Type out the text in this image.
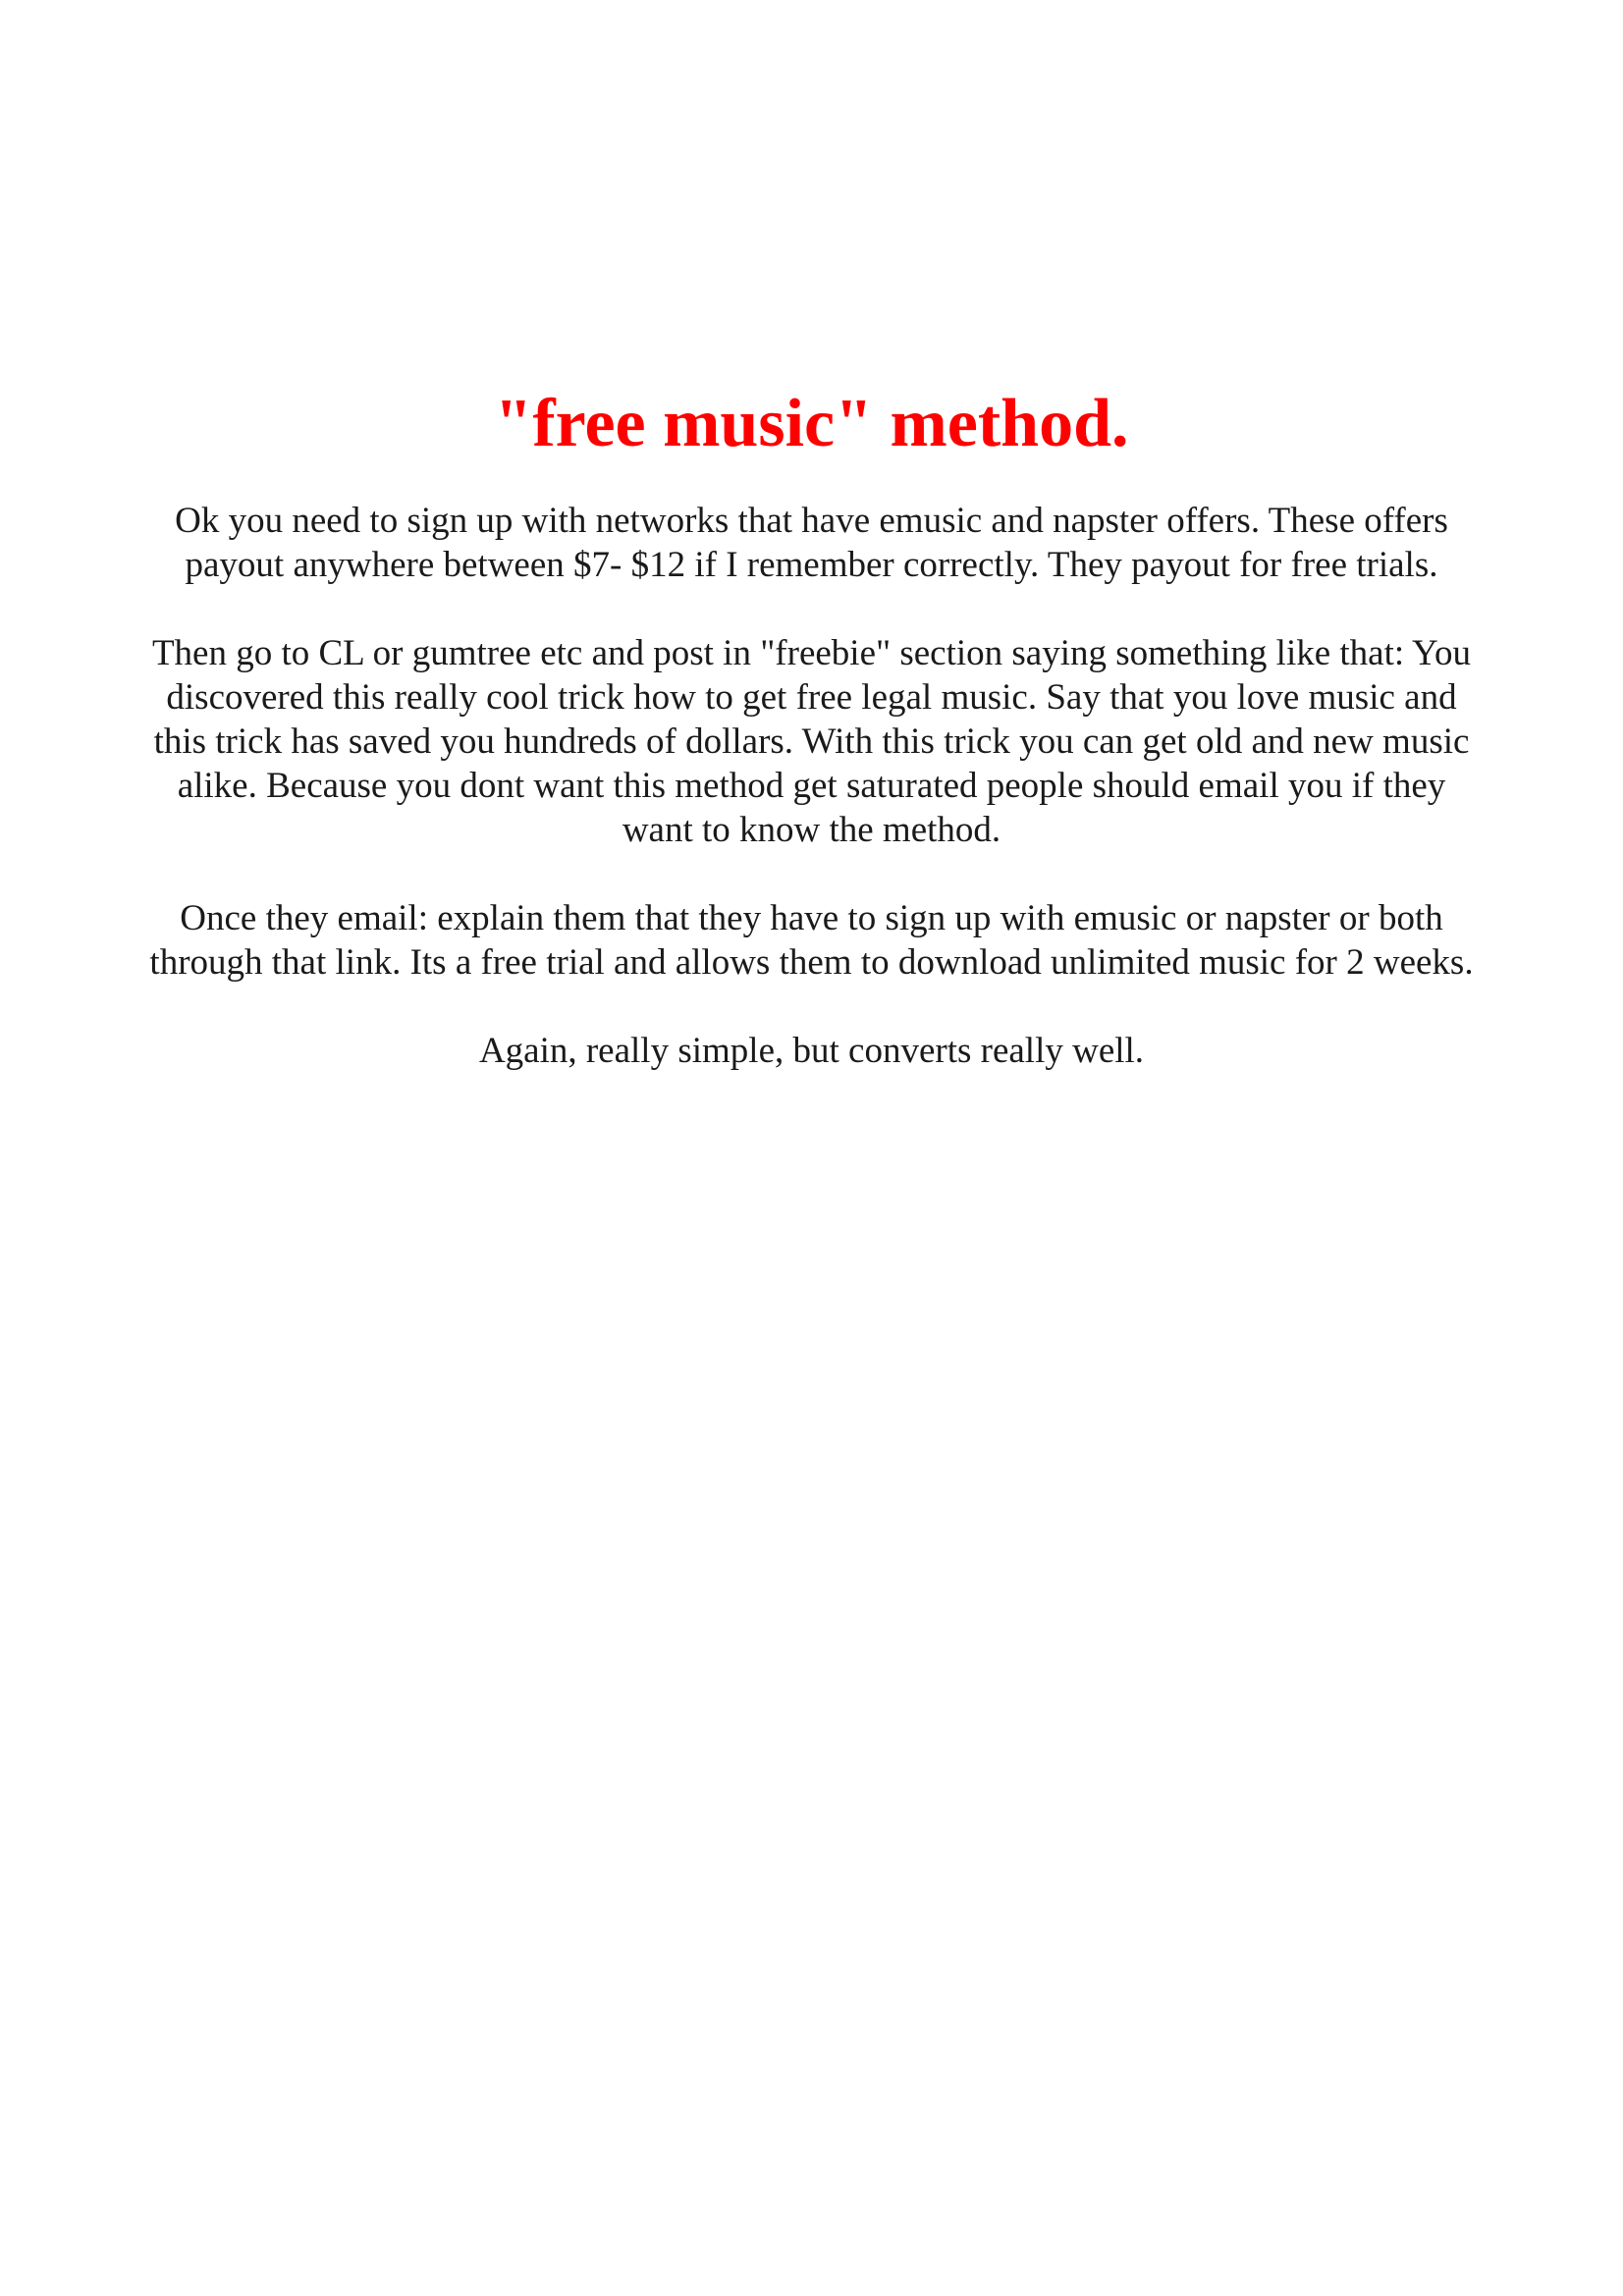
"free music" method.

Ok you need to sign up with networks that have emusic and napster offers. These offers payout anywhere between $7- $12 if I remember correctly. They payout for free trials.

Then go to CL or gumtree etc and post in "freebie" section saying something like that: You discovered this really cool trick how to get free legal music. Say that you love music and this trick has saved you hundreds of dollars. With this trick you can get old and new music alike. Because you dont want this method get saturated people should email you if they want to know the method.

Once they email: explain them that they have to sign up with emusic or napster or both through that link. Its a free trial and allows them to download unlimited music for 2 weeks.

Again, really simple, but converts really well.
